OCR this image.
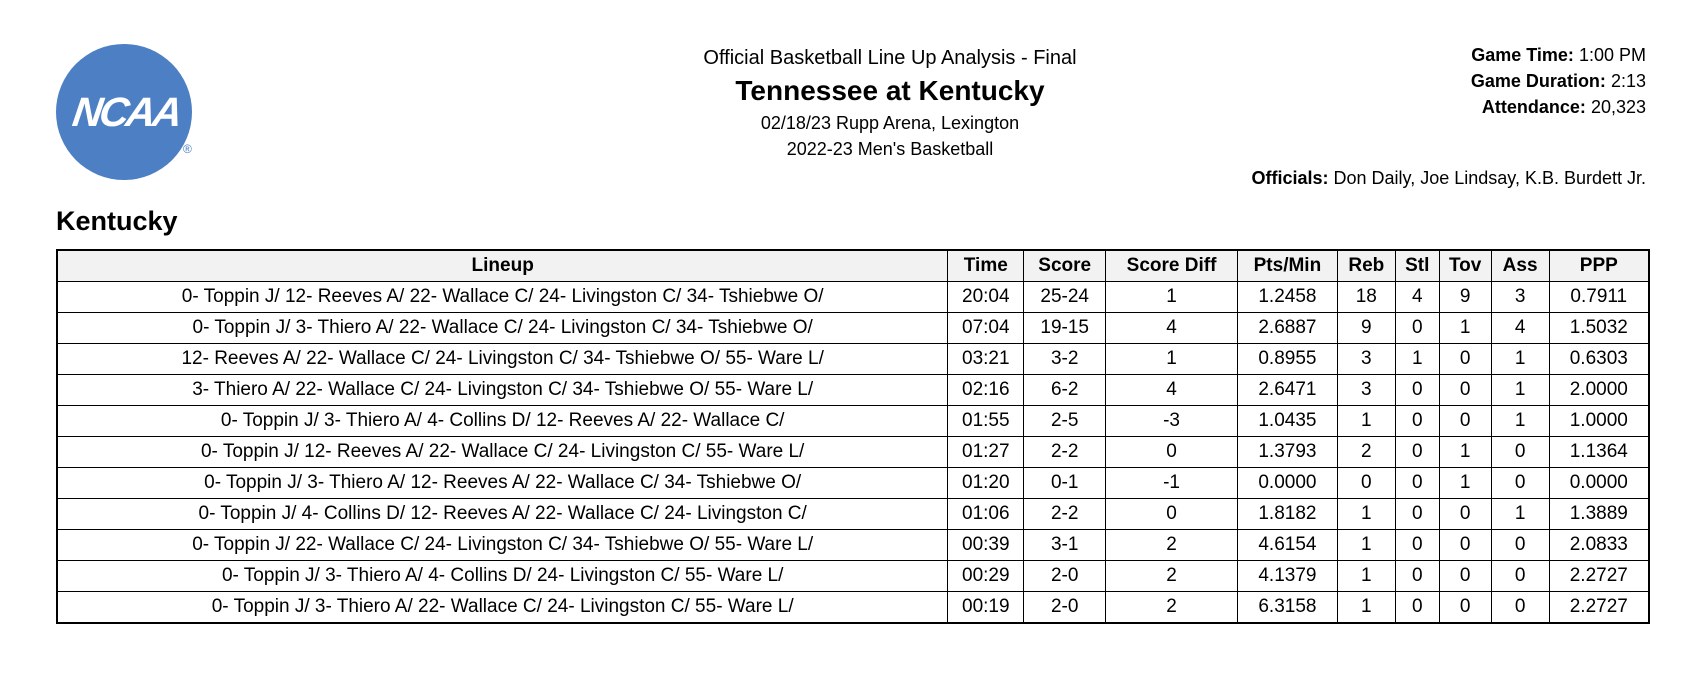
NCAA
®
Official Basketball Line Up Analysis - Final
Tennessee at Kentucky
02/18/23 Rupp Arena, Lexington
2022-23 Men's Basketball
Game Time: 1:00 PM
Game Duration: 2:13
Attendance: 20,323
Officials: Don Daily, Joe Lindsay, K.B. Burdett Jr.
Kentucky
Lineup	Time	Score	Score Diff	Pts/Min	Reb	Stl	Tov	Ass	PPP
0- Toppin J/ 12- Reeves A/ 22- Wallace C/ 24- Livingston C/ 34- Tshiebwe O/	20:04	25-24	1	1.2458	18	4	9	3	0.7911
0- Toppin J/ 3- Thiero A/ 22- Wallace C/ 24- Livingston C/ 34- Tshiebwe O/	07:04	19-15	4	2.6887	9	0	1	4	1.5032
12- Reeves A/ 22- Wallace C/ 24- Livingston C/ 34- Tshiebwe O/ 55- Ware L/	03:21	3-2	1	0.8955	3	1	0	1	0.6303
3- Thiero A/ 22- Wallace C/ 24- Livingston C/ 34- Tshiebwe O/ 55- Ware L/	02:16	6-2	4	2.6471	3	0	0	1	2.0000
0- Toppin J/ 3- Thiero A/ 4- Collins D/ 12- Reeves A/ 22- Wallace C/	01:55	2-5	-3	1.0435	1	0	0	1	1.0000
0- Toppin J/ 12- Reeves A/ 22- Wallace C/ 24- Livingston C/ 55- Ware L/	01:27	2-2	0	1.3793	2	0	1	0	1.1364
0- Toppin J/ 3- Thiero A/ 12- Reeves A/ 22- Wallace C/ 34- Tshiebwe O/	01:20	0-1	-1	0.0000	0	0	1	0	0.0000
0- Toppin J/ 4- Collins D/ 12- Reeves A/ 22- Wallace C/ 24- Livingston C/	01:06	2-2	0	1.8182	1	0	0	1	1.3889
0- Toppin J/ 22- Wallace C/ 24- Livingston C/ 34- Tshiebwe O/ 55- Ware L/	00:39	3-1	2	4.6154	1	0	0	0	2.0833
0- Toppin J/ 3- Thiero A/ 4- Collins D/ 24- Livingston C/ 55- Ware L/	00:29	2-0	2	4.1379	1	0	0	0	2.2727
0- Toppin J/ 3- Thiero A/ 22- Wallace C/ 24- Livingston C/ 55- Ware L/	00:19	2-0	2	6.3158	1	0	0	0	2.2727
